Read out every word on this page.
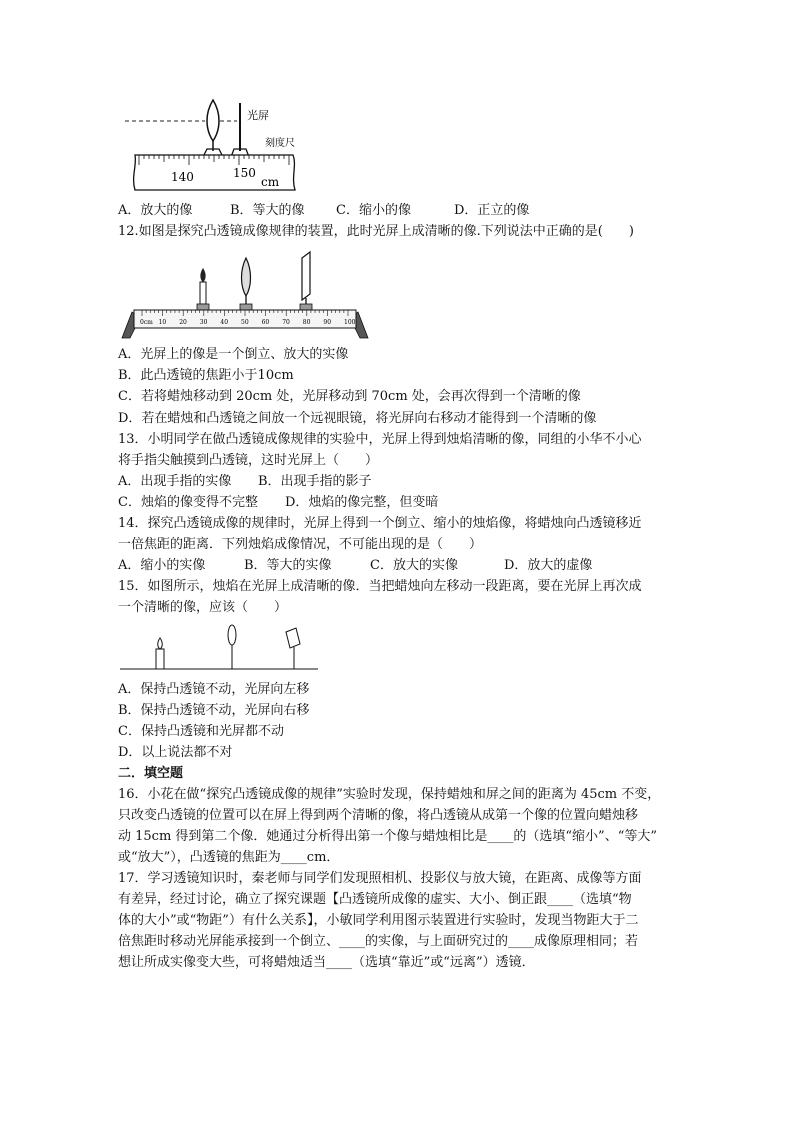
光屏
刻度尺
140	150
cm
A．放大的像	B．等大的像 C．缩小的像	D．正立的像
12.如图是探究凸透镜成像规律的装置，此时光屏上成清晰的像.下列说法中正确的是(　　)
0cm 10 20 30 40 50 60 70 80 90 100
A．光屏上的像是一个倒立、放大的实像
B．此凸透镜的焦距小于10cm
C．若将蜡烛移动到 20cm 处，光屏移动到 70cm 处，会再次得到一个清晰的像
D．若在蜡烛和凸透镜之间放一个远视眼镜，将光屏向右移动才能得到一个清晰的像
13．小明同学在做凸透镜成像规律的实验中，光屏上得到烛焰清晰的像，同组的小华不小心
将手指尖触摸到凸透镜，这时光屏上（　　）
A．出现手指的实像 B．出现手指的影子
C．烛焰的像变得不完整 D．烛焰的像完整，但变暗
14．探究凸透镜成像的规律时，光屏上得到一个倒立、缩小的烛焰像，将蜡烛向凸透镜移近
一倍焦距的距离．下列烛焰成像情况，不可能出现的是（　　）
A．缩小的实像	B．等大的实像	C．放大的实像	D．放大的虚像
15．如图所示，烛焰在光屏上成清晰的像．当把蜡烛向左移动一段距离，要在光屏上再次成
一个清晰的像，应该（　　）
A．保持凸透镜不动，光屏向左移
B．保持凸透镜不动，光屏向右移
C．保持凸透镜和光屏都不动
D．以上说法都不对
二．填空题
16．小花在做“探究凸透镜成像的规律”实验时发现，保持蜡烛和屏之间的距离为 45cm 不变，
只改变凸透镜的位置可以在屏上得到两个清晰的像，将凸透镜从成第一个像的位置向蜡烛移
动 15cm 得到第二个像．她通过分析得出第一个像与蜡烛相比是____的（选填“缩小”、“等大”
或“放大”），凸透镜的焦距为____cm．
17．学习透镜知识时，秦老师与同学们发现照相机、投影仪与放大镜，在距离、成像等方面
有差异，经过讨论，确立了探究课题【凸透镜所成像的虚实、大小、倒正跟____（选填“物
体的大小”或“物距”）有什么关系】，小敏同学利用图示装置进行实验时，发现当物距大于二
倍焦距时移动光屏能承接到一个倒立、____的实像，与上面研究过的____成像原理相同；若
想让所成实像变大些，可将蜡烛适当____（选填“靠近”或“远离”）透镜．
